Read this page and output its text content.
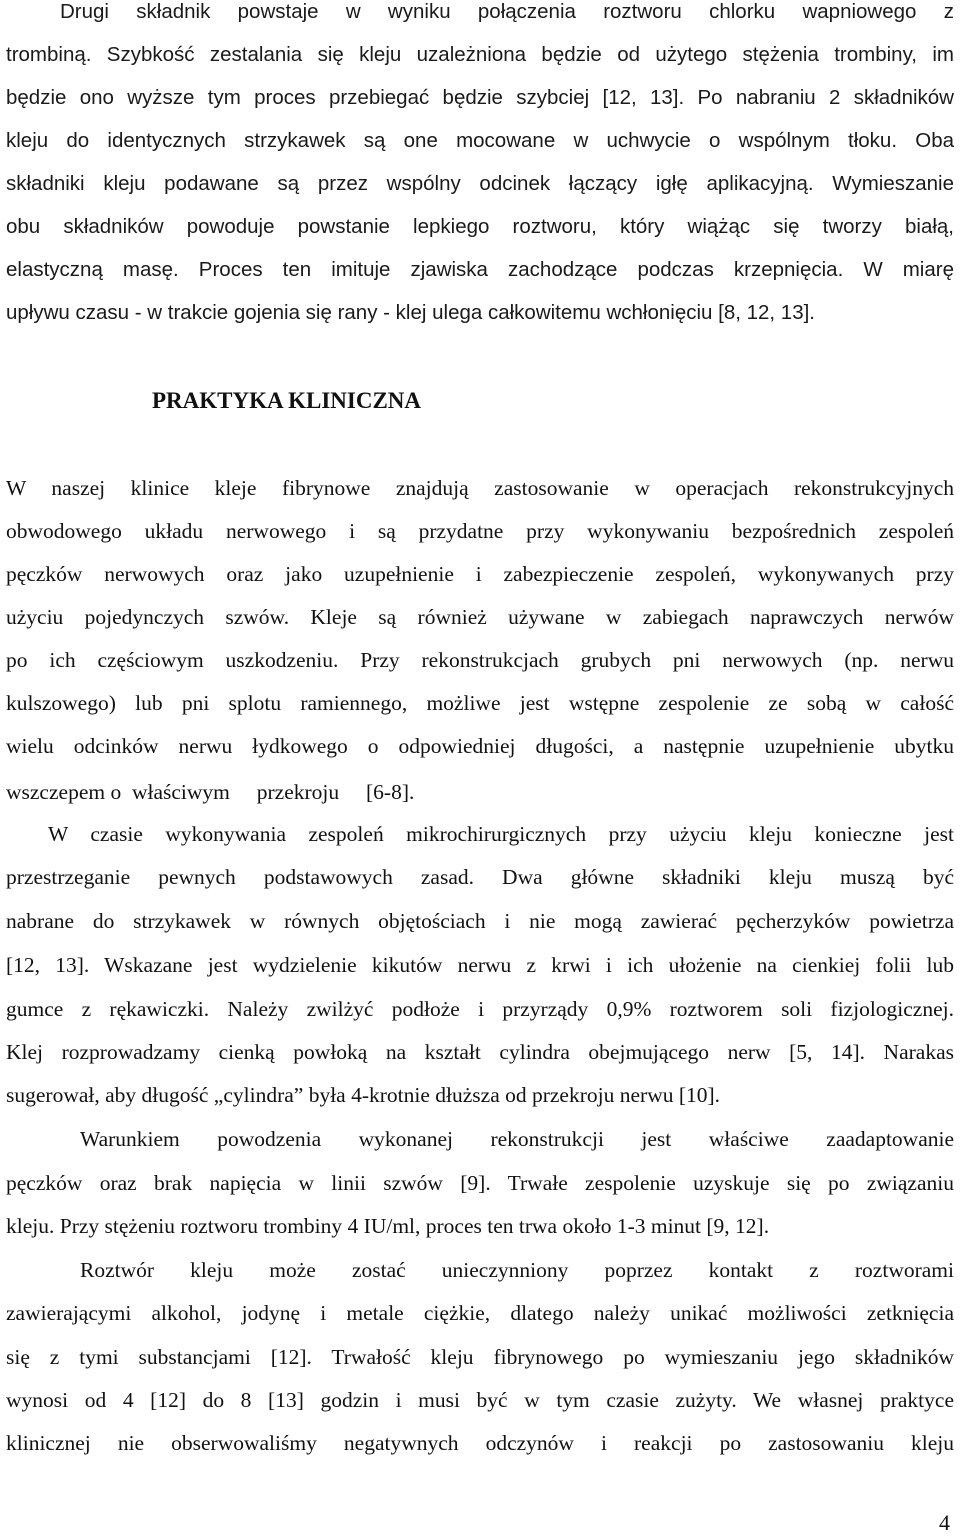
Drugi składnik powstaje w wyniku połączenia roztworu chlorku wapniowego z
trombiną. Szybkość zestalania się kleju uzależniona będzie od użytego stężenia trombiny, im
będzie ono wyższe tym proces przebiegać będzie szybciej [12, 13]. Po nabraniu 2 składników
kleju do identycznych strzykawek są one mocowane w uchwycie o wspólnym tłoku. Oba
składniki kleju podawane są przez wspólny odcinek łączący igłę aplikacyjną. Wymieszanie
obu składników powoduje powstanie lepkiego roztworu, który wiążąc się tworzy białą,
elastyczną masę. Proces ten imituje zjawiska zachodzące podczas krzepnięcia. W miarę
upływu czasu - w trakcie gojenia się rany - klej ulega całkowitemu wchłonięciu [8, 12, 13].
PRAKTYKA KLINICZNA
W naszej klinice kleje fibrynowe znajdują zastosowanie w operacjach rekonstrukcyjnych
obwodowego układu nerwowego i są przydatne przy wykonywaniu bezpośrednich zespoleń
pęczków nerwowych oraz jako uzupełnienie i zabezpieczenie zespoleń, wykonywanych przy
użyciu pojedynczych szwów. Kleje są również używane w zabiegach naprawczych nerwów
po ich częściowym uszkodzeniu. Przy rekonstrukcjach grubych pni nerwowych (np. nerwu
kulszowego) lub pni splotu ramiennego, możliwe jest wstępne zespolenie ze sobą w całość
wielu odcinków nerwu łydkowego o odpowiedniej długości, a następnie uzupełnienie ubytku
wszczepem o  właściwym     przekroju     [6-8].
W czasie wykonywania zespoleń mikrochirurgicznych przy użyciu kleju konieczne jest
przestrzeganie pewnych podstawowych zasad. Dwa główne składniki kleju muszą być
nabrane do strzykawek w równych objętościach i nie mogą zawierać pęcherzyków powietrza
[12, 13]. Wskazane jest wydzielenie kikutów nerwu z krwi i ich ułożenie na cienkiej folii lub
gumce z rękawiczki. Należy zwilżyć podłoże i przyrządy 0,9% roztworem soli fizjologicznej.
Klej rozprowadzamy cienką powłoką na kształt cylindra obejmującego nerw [5, 14]. Narakas
sugerował, aby długość „cylindra” była 4-krotnie dłuższa od przekroju nerwu [10].
Warunkiem powodzenia wykonanej rekonstrukcji jest właściwe zaadaptowanie
pęczków oraz brak napięcia w linii szwów [9]. Trwałe zespolenie uzyskuje się po związaniu
kleju. Przy stężeniu roztworu trombiny 4 IU/ml, proces ten trwa około 1-3 minut [9, 12].
Roztwór kleju może zostać unieczynniony poprzez kontakt z roztworami
zawierającymi alkohol, jodynę i metale ciężkie, dlatego należy unikać możliwości zetknięcia
się z tymi substancjami [12]. Trwałość kleju fibrynowego po wymieszaniu jego składników
wynosi od 4 [12] do 8 [13] godzin i musi być w tym czasie zużyty. We własnej praktyce
klinicznej nie obserwowaliśmy negatywnych odczynów i reakcji po zastosowaniu kleju
4
